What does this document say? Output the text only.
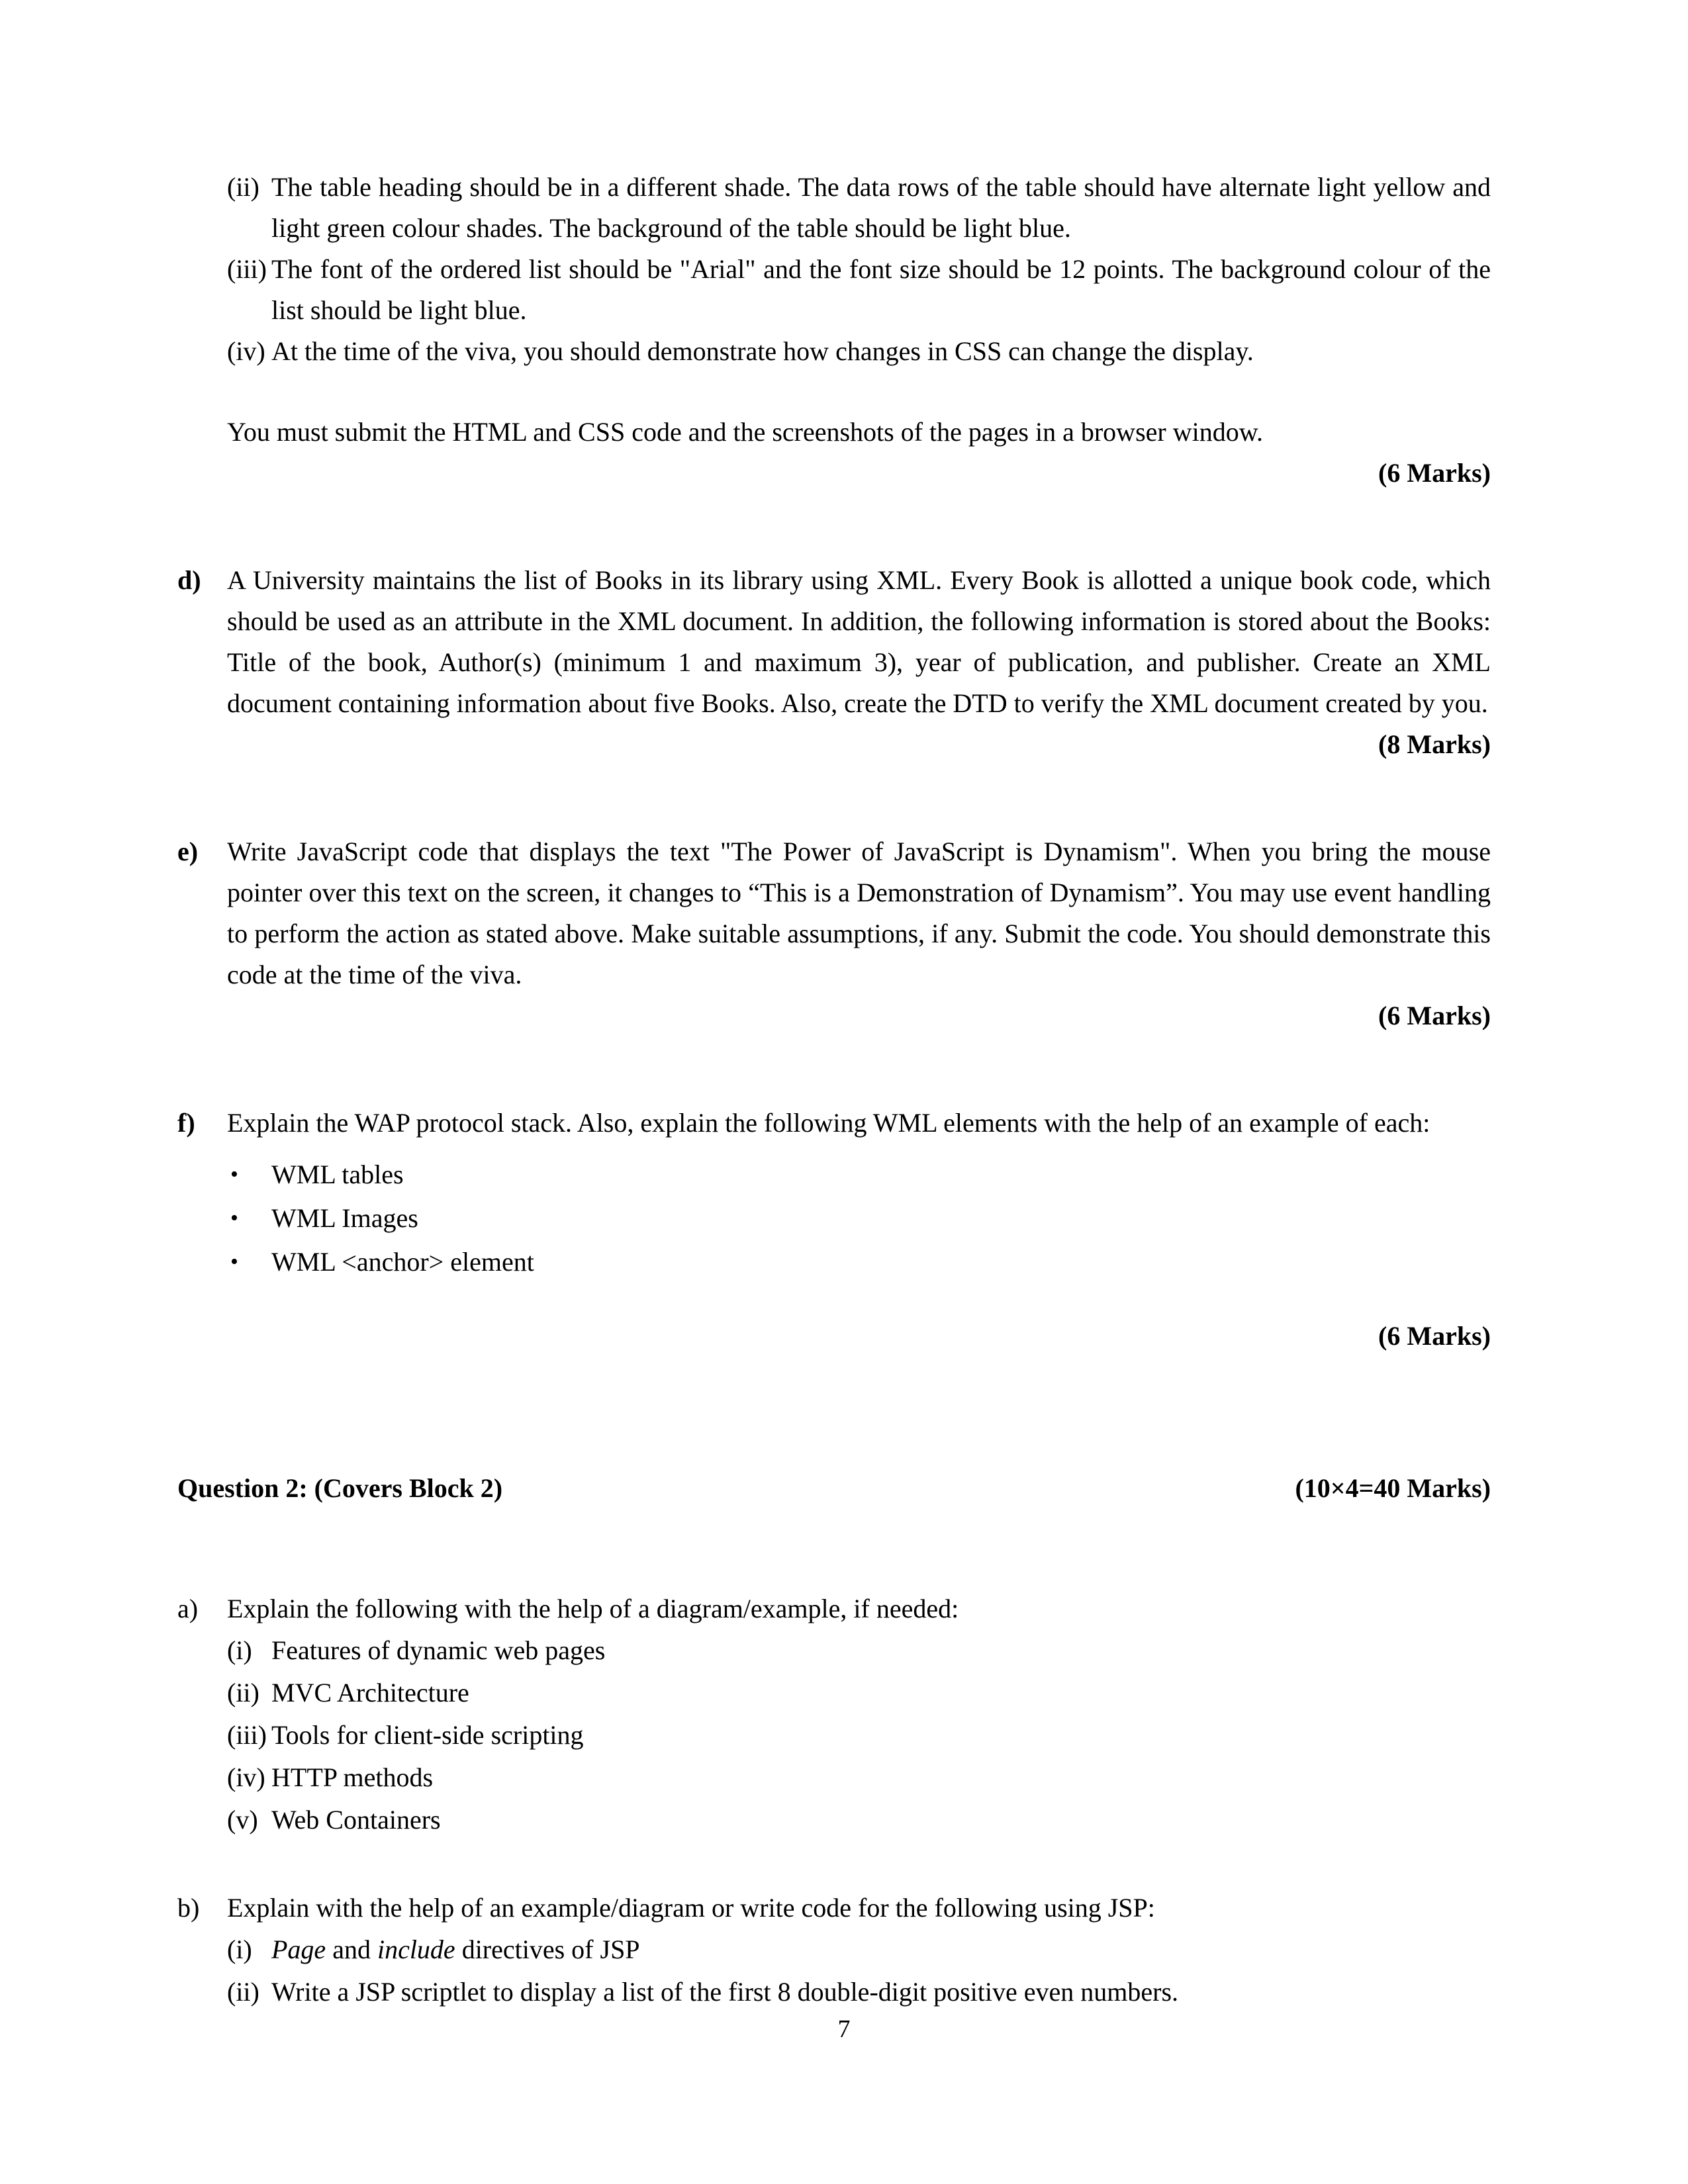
(ii) The table heading should be in a different shade. The data rows of the table should have alternate light yellow and light green colour shades. The background of the table should be light blue.
(iii) The font of the ordered list should be "Arial" and the font size should be 12 points. The background colour of the list should be light blue.
(iv) At the time of the viva, you should demonstrate how changes in CSS can change the display.
You must submit the HTML and CSS code and the screenshots of the pages in a browser window.
(6 Marks)
d) A University maintains the list of Books in its library using XML. Every Book is allotted a unique book code, which should be used as an attribute in the XML document. In addition, the following information is stored about the Books: Title of the book, Author(s) (minimum 1 and maximum 3), year of publication, and publisher. Create an XML document containing information about five Books. Also, create the DTD to verify the XML document created by you.
(8 Marks)
e)	Write JavaScript code that displays the text "The Power of JavaScript is Dynamism". When you bring the mouse pointer over this text on the screen, it changes to “This is a Demonstration of Dynamism”. You may use event handling to perform the action as stated above. Make suitable assumptions, if any. Submit the code. You should demonstrate this code at the time of the viva.
(6 Marks)
f)	Explain the WAP protocol stack. Also, explain the following WML elements with the help of an example of each:
• WML tables
• WML Images
• WML <anchor> element
(6 Marks)
Question 2: (Covers Block 2)	(10×4=40 Marks)
a)	Explain the following with the help of a diagram/example, if needed:
(i) Features of dynamic web pages
(ii) MVC Architecture
(iii) Tools for client-side scripting
(iv) HTTP methods
(v) Web Containers
b)	Explain with the help of an example/diagram or write code for the following using JSP:
(i) Page and include directives of JSP
(ii) Write a JSP scriptlet to display a list of the first 8 double-digit positive even numbers.
7
